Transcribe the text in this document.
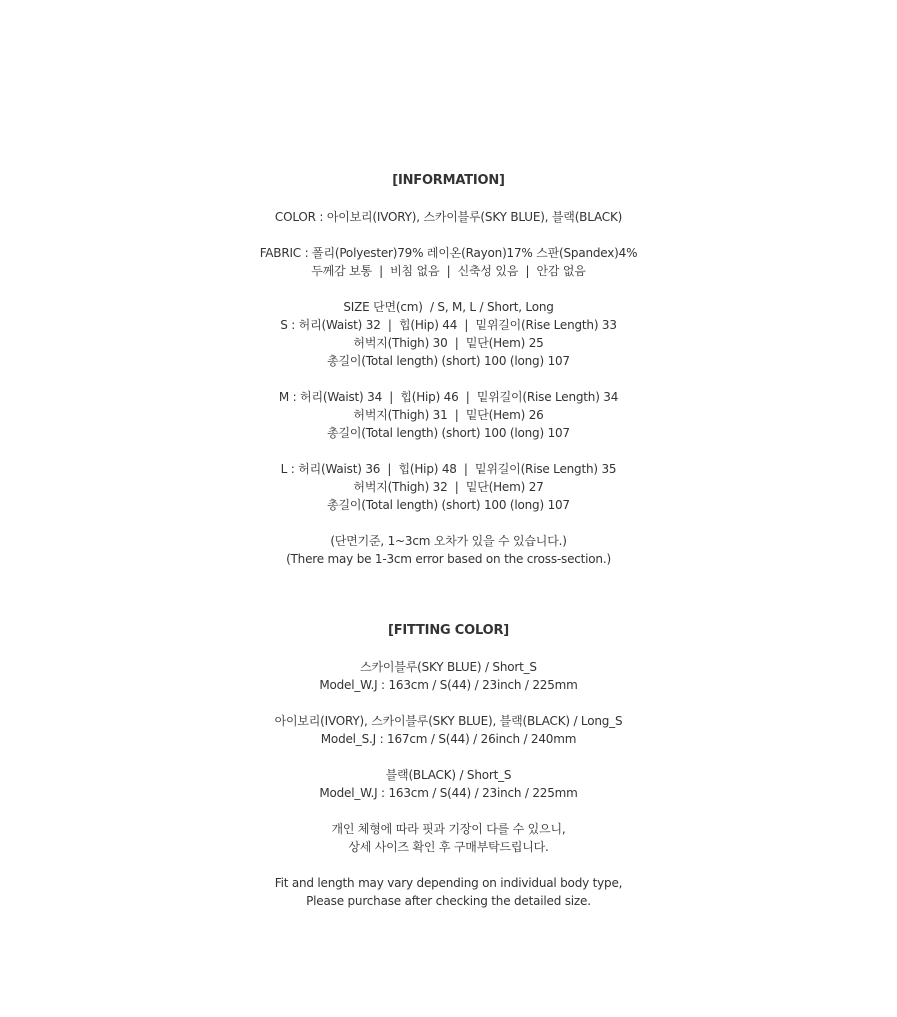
[INFORMATION]
COLOR : 아이보리(IVORY), 스카이블루(SKY BLUE), 블랙(BLACK)
FABRIC : 폴리(Polyester)79% 레이온(Rayon)17% 스판(Spandex)4%
두께감 보통  |  비침 없음  |  신축성 있음  |  안감 없음
SIZE 단면(cm)  / S, M, L / Short, Long
S : 허리(Waist) 32  |  힙(Hip) 44  |  밑위길이(Rise Length) 33
허벅지(Thigh) 30  |  밑단(Hem) 25
총길이(Total length) (short) 100 (long) 107
M : 허리(Waist) 34  |  힙(Hip) 46  |  밑위길이(Rise Length) 34
허벅지(Thigh) 31  |  밑단(Hem) 26
총길이(Total length) (short) 100 (long) 107
L : 허리(Waist) 36  |  힙(Hip) 48  |  밑위길이(Rise Length) 35
허벅지(Thigh) 32  |  밑단(Hem) 27
총길이(Total length) (short) 100 (long) 107
(단면기준, 1~3cm 오차가 있을 수 있습니다.)
(There may be 1-3cm error based on the cross-section.)
[FITTING COLOR]
스카이블루(SKY BLUE) / Short_S
Model_W.J : 163cm / S(44) / 23inch / 225mm
아이보리(IVORY), 스카이블루(SKY BLUE), 블랙(BLACK) / Long_S
Model_S.J : 167cm / S(44) / 26inch / 240mm
블랙(BLACK) / Short_S
Model_W.J : 163cm / S(44) / 23inch / 225mm
개인 체형에 따라 핏과 기장이 다를 수 있으니,
상세 사이즈 확인 후 구매부탁드립니다.
Fit and length may vary depending on individual body type,
Please purchase after checking the detailed size.
